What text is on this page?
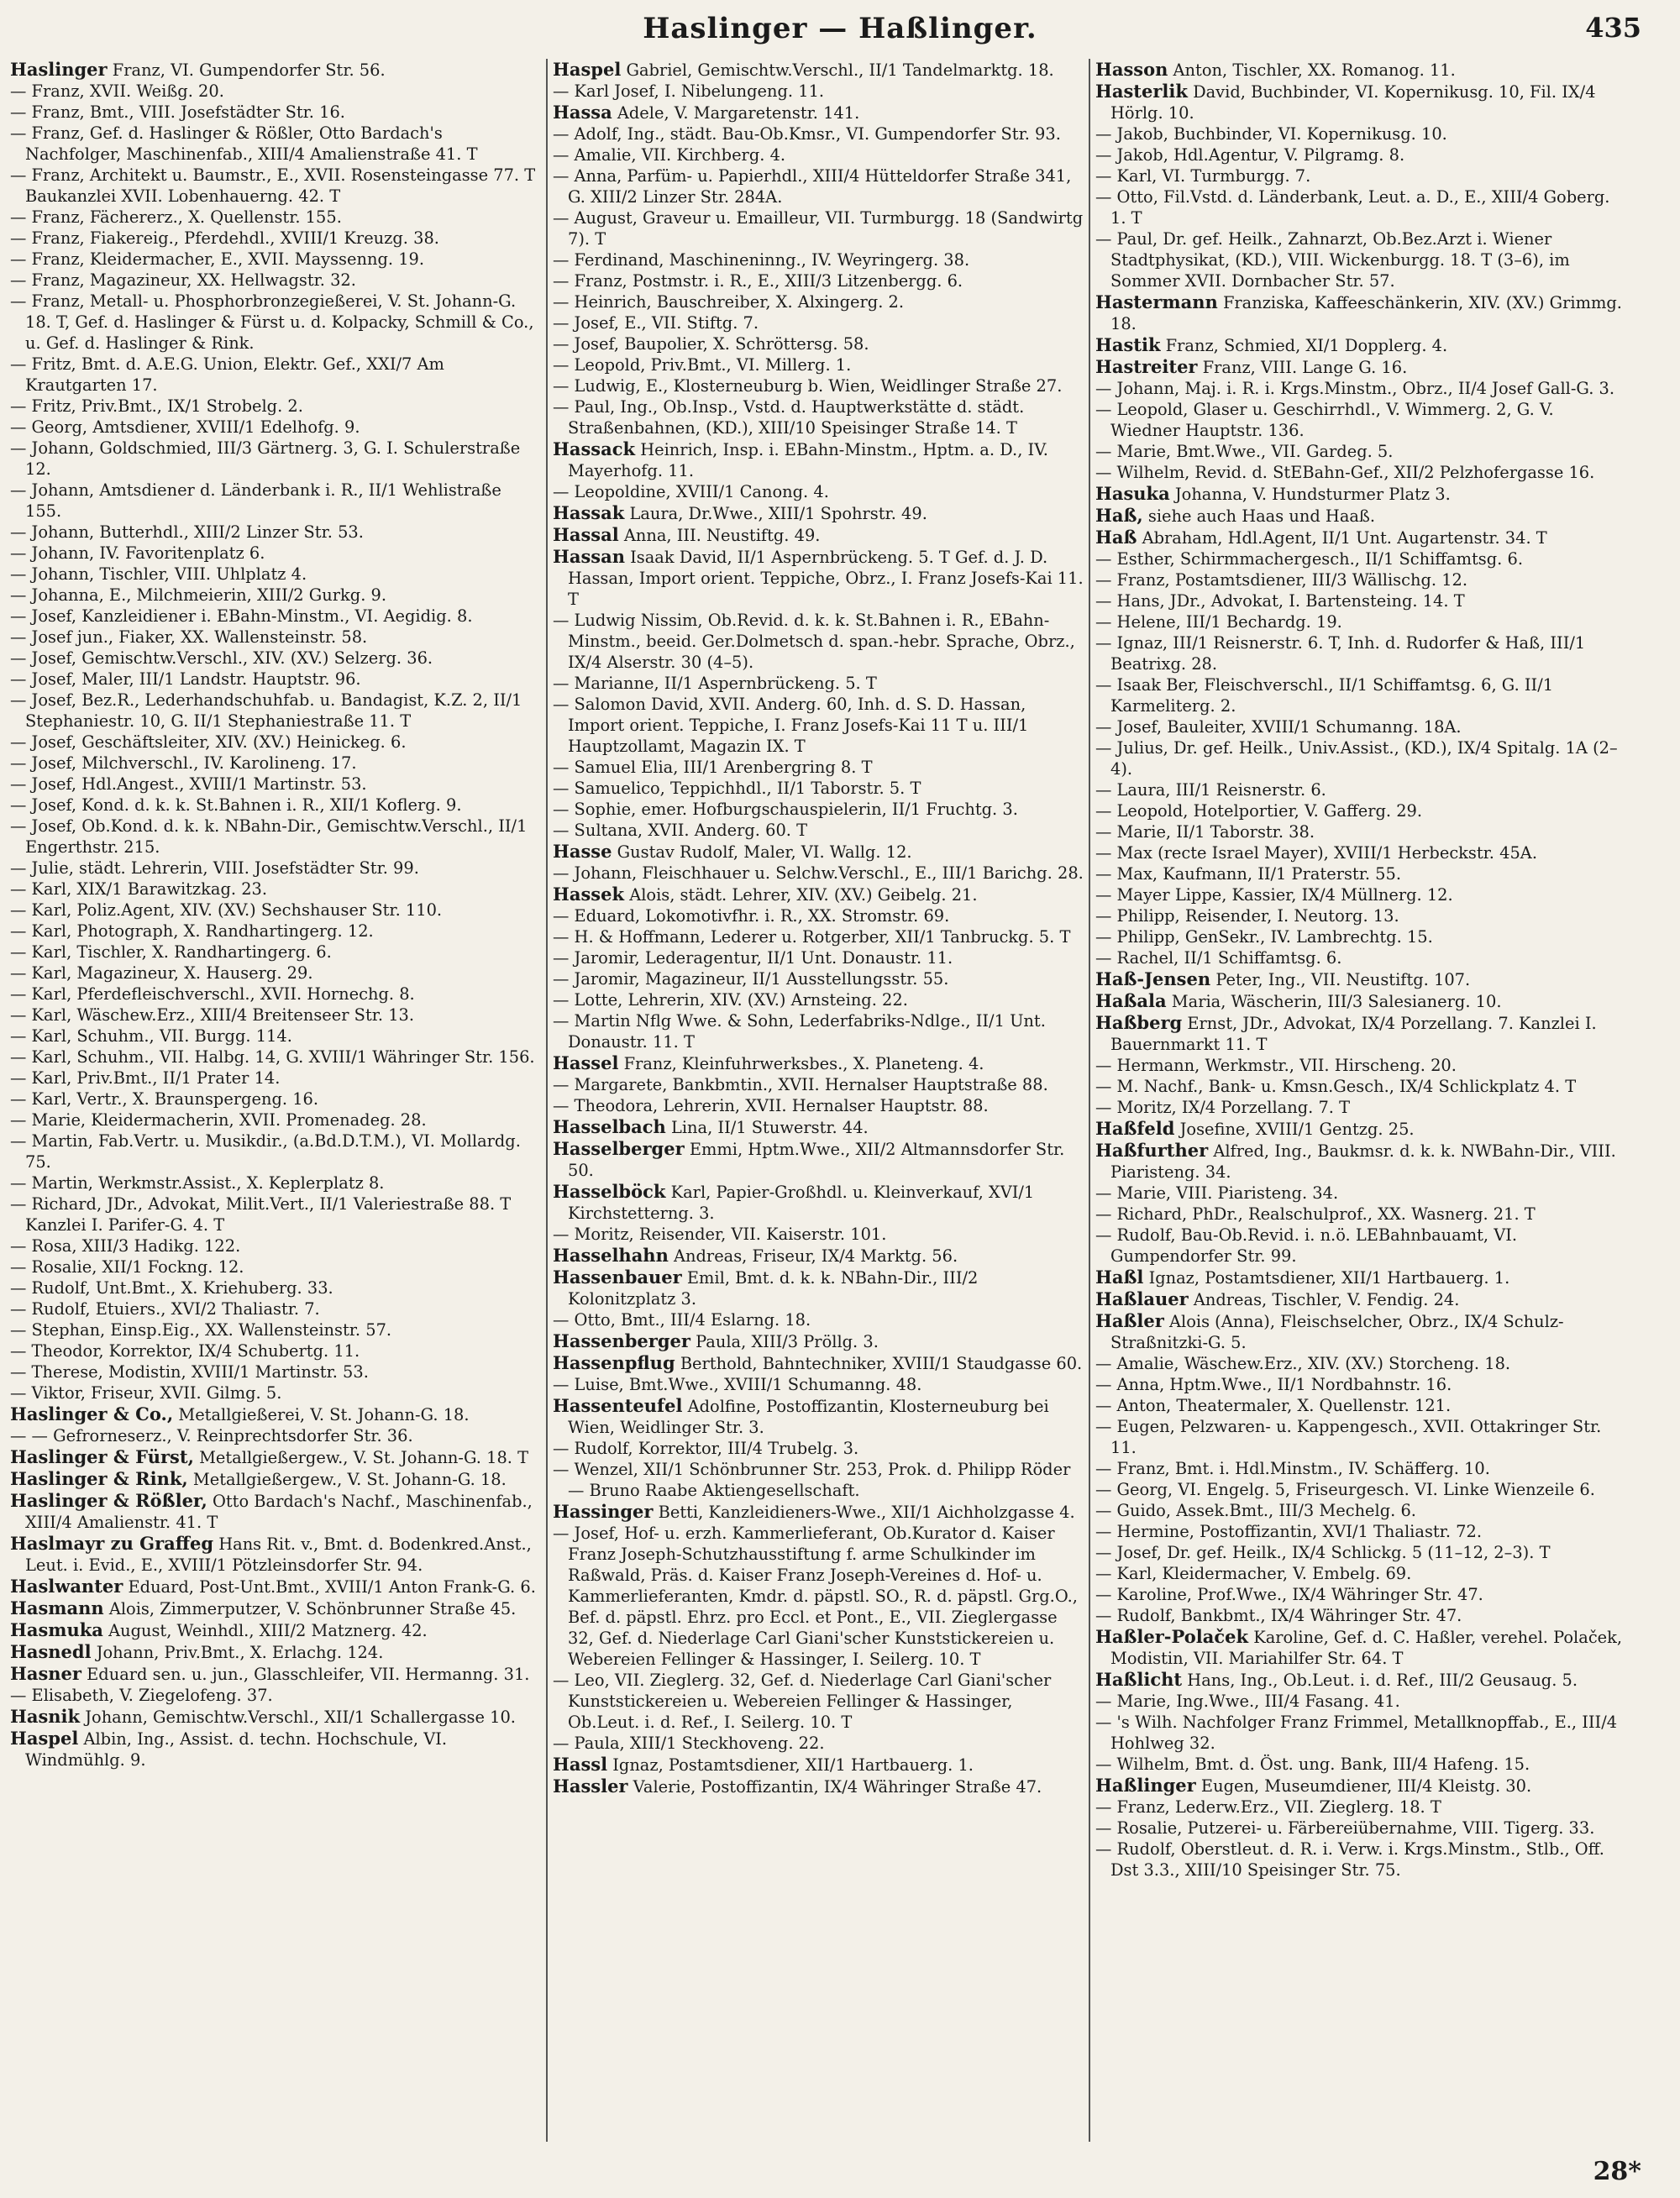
Haslinger — Haßlinger.	435

Haslinger Franz, VI. Gumpendorfer Str. 56.

— Franz, XVII. Weißg. 20.

— Franz, Bmt., VIII. Josefstädter Str. 16.

— Franz, Gef. d. Haslinger & Rößler, Otto Bardach's Nachfolger, Maschinenfab., XIII/4 Amalienstraße 41. T

— Franz, Architekt u. Baumstr., E., XVII. Rosensteingasse 77. T Baukanzlei XVII. Lobenhauerng. 42. T

— Franz, Fächererz., X. Quellenstr. 155.

— Franz, Fiakereig., Pferdehdl., XVIII/1 Kreuzg. 38.

— Franz, Kleidermacher, E., XVII. Mayssenng. 19.

— Franz, Magazineur, XX. Hellwagstr. 32.

— Franz, Metall- u. Phosphorbronzegießerei, V. St. Johann-G. 18. T, Gef. d. Haslinger & Fürst u. d. Kolpacky, Schmill & Co., u. Gef. d. Haslinger & Rink.

— Fritz, Bmt. d. A.E.G. Union, Elektr. Gef., XXI/7 Am Krautgarten 17.

— Fritz, Priv.Bmt., IX/1 Strobelg. 2.

— Georg, Amtsdiener, XVIII/1 Edelhofg. 9.

— Johann, Goldschmied, III/3 Gärtnerg. 3, G. I. Schulerstraße 12.

— Johann, Amtsdiener d. Länderbank i. R., II/1 Wehlistraße 155.

— Johann, Butterhdl., XIII/2 Linzer Str. 53.

— Johann, IV. Favoritenplatz 6.

— Johann, Tischler, VIII. Uhlplatz 4.

— Johanna, E., Milchmeierin, XIII/2 Gurkg. 9.

— Josef, Kanzleidiener i. EBahn-Minstm., VI. Aegidig. 8.

— Josef jun., Fiaker, XX. Wallensteinstr. 58.

— Josef, Gemischtw.Verschl., XIV. (XV.) Selzerg. 36.

— Josef, Maler, III/1 Landstr. Hauptstr. 96.

— Josef, Bez.R., Lederhandschuhfab. u. Bandagist, K.Z. 2, II/1 Stephaniestr. 10, G. II/1 Stephaniestraße 11. T

— Josef, Geschäftsleiter, XIV. (XV.) Heinickeg. 6.

— Josef, Milchverschl., IV. Karolineng. 17.

— Josef, Hdl.Angest., XVIII/1 Martinstr. 53.

— Josef, Kond. d. k. k. St.Bahnen i. R., XII/1 Koflerg. 9.

— Josef, Ob.Kond. d. k. k. NBahn-Dir., Gemischtw.Verschl., II/1 Engerthstr. 215.

— Julie, städt. Lehrerin, VIII. Josefstädter Str. 99.

— Karl, XIX/1 Barawitzkag. 23.

— Karl, Poliz.Agent, XIV. (XV.) Sechshauser Str. 110.

— Karl, Photograph, X. Randhartingerg. 12.

— Karl, Tischler, X. Randhartingerg. 6.

— Karl, Magazineur, X. Hauserg. 29.

— Karl, Pferdefleischverschl., XVII. Hornechg. 8.

— Karl, Wäschew.Erz., XIII/4 Breitenseer Str. 13.

— Karl, Schuhm., VII. Burgg. 114.

— Karl, Schuhm., VII. Halbg. 14, G. XVIII/1 Währinger Str. 156.

— Karl, Priv.Bmt., II/1 Prater 14.

— Karl, Vertr., X. Braunspergeng. 16.

— Marie, Kleidermacherin, XVII. Promenadeg. 28.

— Martin, Fab.Vertr. u. Musikdir., (a.Bd.D.T.M.), VI. Mollardg. 75.

— Martin, Werkmstr.Assist., X. Keplerplatz 8.

— Richard, JDr., Advokat, Milit.Vert., II/1 Valeriestraße 88. T Kanzlei I. Parifer-G. 4. T

— Rosa, XIII/3 Hadikg. 122.

— Rosalie, XII/1 Fockng. 12.

— Rudolf, Unt.Bmt., X. Kriehuberg. 33.

— Rudolf, Etuiers., XVI/2 Thaliastr. 7.

— Stephan, Einsp.Eig., XX. Wallensteinstr. 57.

— Theodor, Korrektor, IX/4 Schubertg. 11.

— Therese, Modistin, XVIII/1 Martinstr. 53.

— Viktor, Friseur, XVII. Gilmg. 5.

Haslinger & Co., Metallgießerei, V. St. Johann-G. 18.

— — Gefrorneserz., V. Reinprechtsdorfer Str. 36.

Haslinger & Fürst, Metallgießergew., V. St. Johann-G. 18. T

Haslinger & Rink, Metallgießergew., V. St. Johann-G. 18.

Haslinger & Rößler, Otto Bardach's Nachf., Maschinenfab., XIII/4 Amalienstr. 41. T

Haslmayr zu Graffeg Hans Rit. v., Bmt. d. Bodenkred.Anst., Leut. i. Evid., E., XVIII/1 Pötzleinsdorfer Str. 94.

Haslwanter Eduard, Post-Unt.Bmt., XVIII/1 Anton Frank-G. 6.

Hasmann Alois, Zimmerputzer, V. Schönbrunner Straße 45.

Hasmuka August, Weinhdl., XIII/2 Matznerg. 42.

Hasnedl Johann, Priv.Bmt., X. Erlachg. 124.

Hasner Eduard sen. u. jun., Glasschleifer, VII. Hermanng. 31.

— Elisabeth, V. Ziegelofeng. 37.

Hasnik Johann, Gemischtw.Verschl., XII/1 Schallergasse 10.

Haspel Albin, Ing., Assist. d. techn. Hochschule, VI. Windmühlg. 9.

Haspel Gabriel, Gemischtw.Verschl., II/1 Tandelmarktg. 18.

— Karl Josef, I. Nibelungeng. 11.

Hassa Adele, V. Margaretenstr. 141.

— Adolf, Ing., städt. Bau-Ob.Kmsr., VI. Gumpendorfer Str. 93.

— Amalie, VII. Kirchberg. 4.

— Anna, Parfüm- u. Papierhdl., XIII/4 Hütteldorfer Straße 341, G. XIII/2 Linzer Str. 284A.

— August, Graveur u. Emailleur, VII. Turmburgg. 18 (Sandwirtg 7). T

— Ferdinand, Maschineninng., IV. Weyringerg. 38.

— Franz, Postmstr. i. R., E., XIII/3 Litzenbergg. 6.

— Heinrich, Bauschreiber, X. Alxingerg. 2.

— Josef, E., VII. Stiftg. 7.

— Josef, Baupolier, X. Schröttersg. 58.

— Leopold, Priv.Bmt., VI. Millerg. 1.

— Ludwig, E., Klosterneuburg b. Wien, Weidlinger Straße 27.

— Paul, Ing., Ob.Insp., Vstd. d. Hauptwerkstätte d. städt. Straßenbahnen, (KD.), XIII/10 Speisinger Straße 14. T

Hassack Heinrich, Insp. i. EBahn-Minstm., Hptm. a. D., IV. Mayerhofg. 11.

— Leopoldine, XVIII/1 Canong. 4.

Hassak Laura, Dr.Wwe., XIII/1 Spohrstr. 49.

Hassal Anna, III. Neustiftg. 49.

Hassan Isaak David, II/1 Aspernbrückeng. 5. T Gef. d. J. D. Hassan, Import orient. Teppiche, Obrz., I. Franz Josefs-Kai 11. T

— Ludwig Nissim, Ob.Revid. d. k. k. St.Bahnen i. R., EBahn-Minstm., beeid. Ger.Dolmetsch d. span.-hebr. Sprache, Obrz., IX/4 Alserstr. 30 (4–5).

— Marianne, II/1 Aspernbrückeng. 5. T

— Salomon David, XVII. Anderg. 60, Inh. d. S. D. Hassan, Import orient. Teppiche, I. Franz Josefs-Kai 11 T u. III/1 Hauptzollamt, Magazin IX. T

— Samuel Elia, III/1 Arenbergring 8. T

— Samuelico, Teppichhdl., II/1 Taborstr. 5. T

— Sophie, emer. Hofburgschauspielerin, II/1 Fruchtg. 3.

— Sultana, XVII. Anderg. 60. T

Hasse Gustav Rudolf, Maler, VI. Wallg. 12.

— Johann, Fleischhauer u. Selchw.Verschl., E., III/1 Barichg. 28.

Hassek Alois, städt. Lehrer, XIV. (XV.) Geibelg. 21.

— Eduard, Lokomotivfhr. i. R., XX. Stromstr. 69.

— H. & Hoffmann, Lederer u. Rotgerber, XII/1 Tanbruckg. 5. T

— Jaromir, Lederagentur, II/1 Unt. Donaustr. 11.

— Jaromir, Magazineur, II/1 Ausstellungsstr. 55.

— Lotte, Lehrerin, XIV. (XV.) Arnsteing. 22.

— Martin Nflg Wwe. & Sohn, Lederfabriks-Ndlge., II/1 Unt. Donaustr. 11. T

Hassel Franz, Kleinfuhrwerksbes., X. Planeteng. 4.

— Margarete, Bankbmtin., XVII. Hernalser Hauptstraße 88.

— Theodora, Lehrerin, XVII. Hernalser Hauptstr. 88.

Hasselbach Lina, II/1 Stuwerstr. 44.

Hasselberger Emmi, Hptm.Wwe., XII/2 Altmannsdorfer Str. 50.

Hasselböck Karl, Papier-Großhdl. u. Kleinverkauf, XVI/1 Kirchstetterng. 3.

— Moritz, Reisender, VII. Kaiserstr. 101.

Hasselhahn Andreas, Friseur, IX/4 Marktg. 56.

Hassenbauer Emil, Bmt. d. k. k. NBahn-Dir., III/2 Kolonitzplatz 3.

— Otto, Bmt., III/4 Eslarng. 18.

Hassenberger Paula, XIII/3 Pröllg. 3.

Hassenpflug Berthold, Bahntechniker, XVIII/1 Staudgasse 60.

— Luise, Bmt.Wwe., XVIII/1 Schumanng. 48.

Hassenteufel Adolfine, Postoffizantin, Klosterneuburg bei Wien, Weidlinger Str. 3.

— Rudolf, Korrektor, III/4 Trubelg. 3.

— Wenzel, XII/1 Schönbrunner Str. 253, Prok. d. Philipp Röder — Bruno Raabe Aktiengesellschaft.

Hassinger Betti, Kanzleidieners-Wwe., XII/1 Aichholzgasse 4.

— Josef, Hof- u. erzh. Kammerlieferant, Ob.Kurator d. Kaiser Franz Joseph-Schutzhausstiftung f. arme Schulkinder im Raßwald, Präs. d. Kaiser Franz Joseph-Vereines d. Hof- u. Kammerlieferanten, Kmdr. d. päpstl. SO., R. d. päpstl. Grg.O., Bef. d. päpstl. Ehrz. pro Eccl. et Pont., E., VII. Zieglergasse 32, Gef. d. Niederlage Carl Giani'scher Kunststickereien u. Webereien Fellinger & Hassinger, I. Seilerg. 10. T

— Leo, VII. Zieglerg. 32, Gef. d. Niederlage Carl Giani'scher Kunststickereien u. Webereien Fellinger & Hassinger, Ob.Leut. i. d. Ref., I. Seilerg. 10. T

— Paula, XIII/1 Steckhoveng. 22.

Hassl Ignaz, Postamtsdiener, XII/1 Hartbauerg. 1.

Hassler Valerie, Postoffizantin, IX/4 Währinger Straße 47.

Hasson Anton, Tischler, XX. Romanog. 11.

Hasterlik David, Buchbinder, VI. Kopernikusg. 10, Fil. IX/4 Hörlg. 10.

— Jakob, Buchbinder, VI. Kopernikusg. 10.

— Jakob, Hdl.Agentur, V. Pilgramg. 8.

— Karl, VI. Turmburgg. 7.

— Otto, Fil.Vstd. d. Länderbank, Leut. a. D., E., XIII/4 Goberg. 1. T

— Paul, Dr. gef. Heilk., Zahnarzt, Ob.Bez.Arzt i. Wiener Stadtphysikat, (KD.), VIII. Wickenburgg. 18. T (3–6), im Sommer XVII. Dornbacher Str. 57.

Hastermann Franziska, Kaffeeschänkerin, XIV. (XV.) Grimmg. 18.

Hastik Franz, Schmied, XI/1 Dopplerg. 4.

Hastreiter Franz, VIII. Lange G. 16.

— Johann, Maj. i. R. i. Krgs.Minstm., Obrz., II/4 Josef Gall-G. 3.

— Leopold, Glaser u. Geschirrhdl., V. Wimmerg. 2, G. V. Wiedner Hauptstr. 136.

— Marie, Bmt.Wwe., VII. Gardeg. 5.

— Wilhelm, Revid. d. StEBahn-Gef., XII/2 Pelzhofergasse 16.

Hasuka Johanna, V. Hundsturmer Platz 3.

Haß, siehe auch Haas und Haaß.

Haß Abraham, Hdl.Agent, II/1 Unt. Augartenstr. 34. T

— Esther, Schirmmachergesch., II/1 Schiffamtsg. 6.

— Franz, Postamtsdiener, III/3 Wällischg. 12.

— Hans, JDr., Advokat, I. Bartensteing. 14. T

— Helene, III/1 Bechardg. 19.

— Ignaz, III/1 Reisnerstr. 6. T, Inh. d. Rudorfer & Haß, III/1 Beatrixg. 28.

— Isaak Ber, Fleischverschl., II/1 Schiffamtsg. 6, G. II/1 Karmeliterg. 2.

— Josef, Bauleiter, XVIII/1 Schumanng. 18A.

— Julius, Dr. gef. Heilk., Univ.Assist., (KD.), IX/4 Spitalg. 1A (2–4).

— Laura, III/1 Reisnerstr. 6.

— Leopold, Hotelportier, V. Gafferg. 29.

— Marie, II/1 Taborstr. 38.

— Max (recte Israel Mayer), XVIII/1 Herbeckstr. 45A.

— Max, Kaufmann, II/1 Praterstr. 55.

— Mayer Lippe, Kassier, IX/4 Müllnerg. 12.

— Philipp, Reisender, I. Neutorg. 13.

— Philipp, GenSekr., IV. Lambrechtg. 15.

— Rachel, II/1 Schiffamtsg. 6.

Haß-Jensen Peter, Ing., VII. Neustiftg. 107.

Haßala Maria, Wäscherin, III/3 Salesianerg. 10.

Haßberg Ernst, JDr., Advokat, IX/4 Porzellang. 7. Kanzlei I. Bauernmarkt 11. T

— Hermann, Werkmstr., VII. Hirscheng. 20.

— M. Nachf., Bank- u. Kmsn.Gesch., IX/4 Schlickplatz 4. T

— Moritz, IX/4 Porzellang. 7. T

Haßfeld Josefine, XVIII/1 Gentzg. 25.

Haßfurther Alfred, Ing., Baukmsr. d. k. k. NWBahn-Dir., VIII. Piaristeng. 34.

— Marie, VIII. Piaristeng. 34.

— Richard, PhDr., Realschulprof., XX. Wasnerg. 21. T

— Rudolf, Bau-Ob.Revid. i. n.ö. LEBahnbauamt, VI. Gumpendorfer Str. 99.

Haßl Ignaz, Postamtsdiener, XII/1 Hartbauerg. 1.

Haßlauer Andreas, Tischler, V. Fendig. 24.

Haßler Alois (Anna), Fleischselcher, Obrz., IX/4 Schulz-Straßnitzki-G. 5.

— Amalie, Wäschew.Erz., XIV. (XV.) Storcheng. 18.

— Anna, Hptm.Wwe., II/1 Nordbahnstr. 16.

— Anton, Theatermaler, X. Quellenstr. 121.

— Eugen, Pelzwaren- u. Kappengesch., XVII. Ottakringer Str. 11.

— Franz, Bmt. i. Hdl.Minstm., IV. Schäfferg. 10.

— Georg, VI. Engelg. 5, Friseurgesch. VI. Linke Wienzeile 6.

— Guido, Assek.Bmt., III/3 Mechelg. 6.

— Hermine, Postoffizantin, XVI/1 Thaliastr. 72.

— Josef, Dr. gef. Heilk., IX/4 Schlickg. 5 (11–12, 2–3). T

— Karl, Kleidermacher, V. Embelg. 69.

— Karoline, Prof.Wwe., IX/4 Währinger Str. 47.

— Rudolf, Bankbmt., IX/4 Währinger Str. 47.

Haßler-Polaček Karoline, Gef. d. C. Haßler, verehel. Polaček, Modistin, VII. Mariahilfer Str. 64. T

Haßlicht Hans, Ing., Ob.Leut. i. d. Ref., III/2 Geusaug. 5.

— Marie, Ing.Wwe., III/4 Fasang. 41.

— 's Wilh. Nachfolger Franz Frimmel, Metallknopffab., E., III/4 Hohlweg 32.

— Wilhelm, Bmt. d. Öst. ung. Bank, III/4 Hafeng. 15.

Haßlinger Eugen, Museumdiener, III/4 Kleistg. 30.

— Franz, Lederw.Erz., VII. Zieglerg. 18. T

— Rosalie, Putzerei- u. Färbereiübernahme, VIII. Tigerg. 33.

— Rudolf, Oberstleut. d. R. i. Verw. i. Krgs.Minstm., Stlb., Off. Dst 3.3., XIII/10 Speisinger Str. 75.

28*
